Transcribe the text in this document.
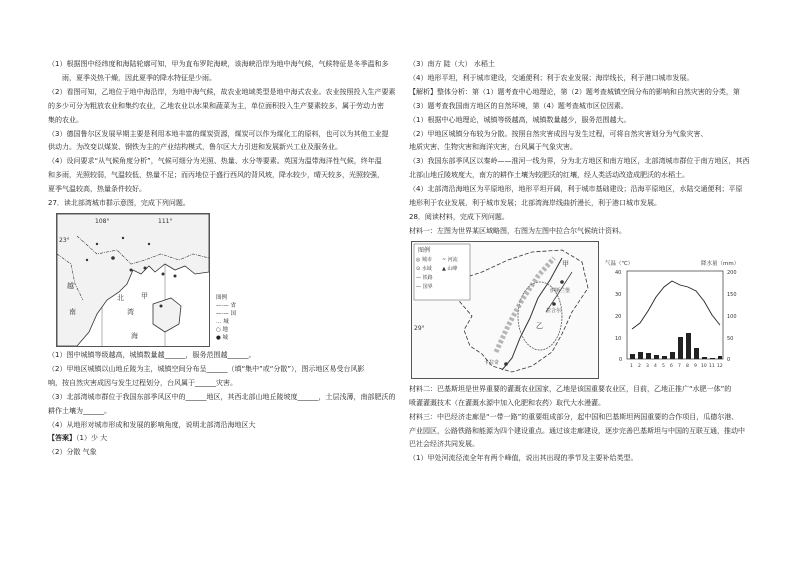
（1）根据图中经纬度和海陆轮廓可知，甲为直布罗陀海峡，该海峡沿岸为地中海气候，气候特征是冬季温和多

雨，夏季炎热干燥，因此夏季的降水特征是少雨。

（2）看图可知，乙地位于地中海沿岸，为地中海气候，故农业地域类型是地中海式农业。农业按照投入生产要素

的多少可分为粗放农业和集约农业，乙地农业以水果和蔬菜为主，单位面积投入生产要素较多，属于劳动力密

集的农业。

（3）德国鲁尔区发展早期主要是利用本地丰富的煤炭资源，煤炭可以作为煤化工的原料，也可以为其他工业提

供动力。为改变以煤炭、钢铁为主的产业结构模式，鲁尔区大力引进和发展新兴工业及服务业。

（4）设问要求“从气候角度分析”，气候可细分为光照、热量、水分等要素。英国为温带海洋性气候，终年温

和多雨，光照较弱，气温较低，热量不足；而丙地位于盛行西风的背风坡，降水较少，晴天较多，光照较强，

夏季气温较高，热量条件较好。

27．读北部湾城市群示意图，完成下列问题。

108°	111°
23°
越
南
北 甲
湾
海
图例
—·— 省
—·— 国
… 城
○ 地
● 城

（1）图中城镇等级越高，城镇数量越______，服务范围越______。

（2）甲地区城镇以山地丘陵为主，城镇空间分布呈______（填“集中”或“分散”），图示地区易受台风影

响，按自然灾害成因与发生过程划分，台风属于______灾害。

（3）北部湾城市群位于我国东部季风区中的______地区，其西北部山地丘陵坡度______，土层浅薄，南部肥沃的

耕作土壤为______。

（4）从地形对城市形成和发展的影响角度，说明北部湾沿海地区大

【答案】（1）少 大

（2）分散 气象

（3）南方 陡（大） 水稻土

（4）地形平坦，利于城市建设，交通便利；利于农业发展；海岸线长，利于港口城市发展。

【解析】整体分析：第（1）题考查中心地理论，第（2）题考查城镇空间分布的影响和自然灾害的分类，第

（3）题考查我国南方地区的自然环境，第（4）题考查城市区位因素。

（1）根据中心地理论，城镇等级越高，城镇数量越少，服务范围越大。

（2）甲地区城镇分布较为分散。按照自然灾害成因与发生过程，可将自然灾害划分为气象灾害、

地质灾害、生物灾害和海洋灾害，台风属于气象灾害。

（3）我国东部季风区以秦岭——淮河一线为界，分为北方地区和南方地区，北部湾城市群位于南方地区，其西

北部山地丘陵坡度大，南方的耕作土壤为较肥沃的红壤，经人类活动改造成肥沃的水稻土。

（4）北部湾沿海地区为平原地形，地形平坦开阔，利于城市基础建设；沿海平原地区，水陆交通便利；平原

地形利于农业发展，利于城市发展；北部湾海岸线曲折漫长，利于港口城市发展。

28．阅读材料，完成下列问题。

材料一：左图为世界某区域略图，右图为左图中拉合尔气候统计资料。

图例
◎ 城市 ~ 河流
⊙ 水域 ▲ 山峰
— 铁路
— 国界
29°
甲
乙
卡拉奇
伊斯兰堡
拉合尔
气温（℃）	降水量（mm）
40
30
20
10
0
200
150
100
50
0
1 2 3 4 5 6 7 8 9 10 11 12

材料二：巴基斯坦是世界重要的灌溉农业国家，乙地是该国重要农业区，目前，乙地正推广“水肥一体”的

喷灌灌溉技术（在灌溉水源中加入化肥和农药）取代大水漫灌。

材料三：中巴经济走廊是“一带一路”的重要组成部分，起中国和巴基斯坦两国重要的合作项目，瓜德尔港、

产业园区，公路铁路和能源为四个建设重点。通过该走廊建设，逐步完善巴基斯坦与中国的互联互通，推动中

巴社会经济共同发展。

（1）甲处河流径流全年有两个峰值，说出其出现的季节及主要补给类型。
